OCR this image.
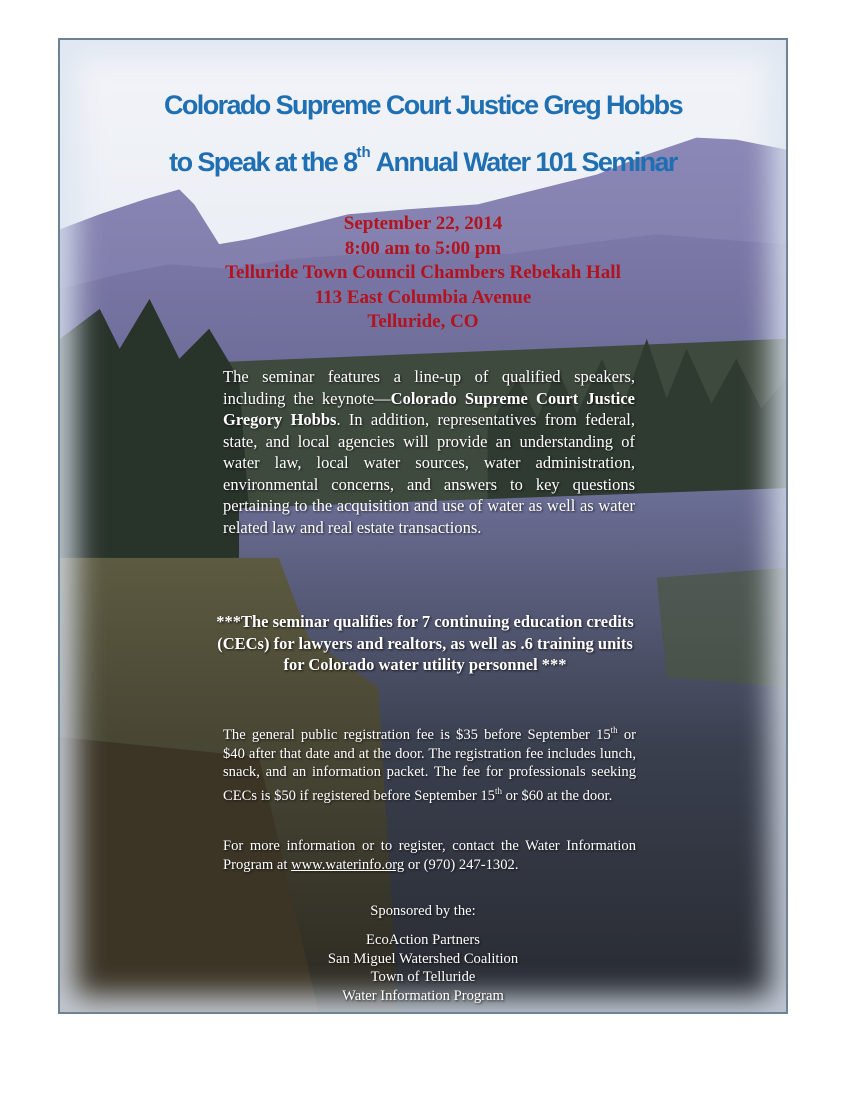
Colorado Supreme Court Justice Greg Hobbs
to Speak at the 8th Annual Water 101 Seminar
September 22, 2014
8:00 am to 5:00 pm
Telluride Town Council Chambers Rebekah Hall
113 East Columbia Avenue
Telluride, CO
The seminar features a line-up of qualified speakers, including the keynote—Colorado Supreme Court Justice Gregory Hobbs. In addition, representatives from federal, state, and local agencies will provide an understanding of water law, local water sources, water administration, environmental concerns, and answers to key questions pertaining to the acquisition and use of water as well as water related law and real estate transactions.
***The seminar qualifies for 7 continuing education credits (CECs) for lawyers and realtors, as well as .6 training units for Colorado water utility personnel ***
The general public registration fee is $35 before September 15th or $40 after that date and at the door. The registration fee includes lunch, snack, and an information packet. The fee for professionals seeking CECs is $50 if registered before September 15th or $60 at the door.
For more information or to register, contact the Water Information Program at www.waterinfo.org or (970) 247-1302.
Sponsored by the:
EcoAction Partners
San Miguel Watershed Coalition
Town of Telluride
Water Information Program
